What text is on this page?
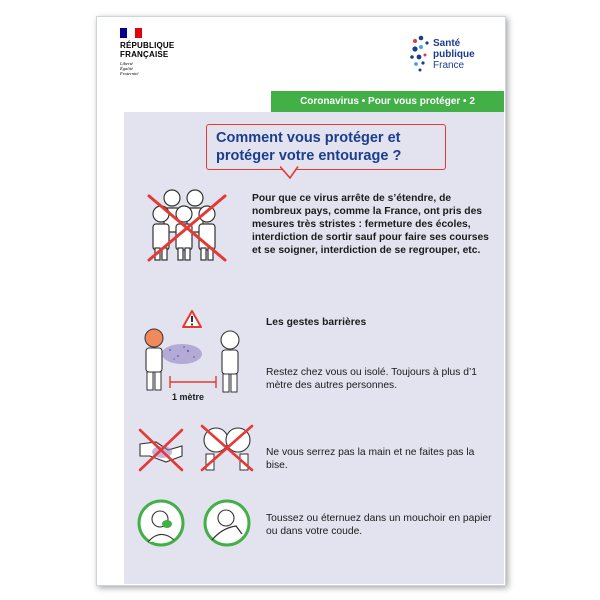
RÉPUBLIQUE
FRANÇAISE
Liberté
Égalité
Fraternité
Santé
publique
France
Coronavirus • Pour vous protéger • 2
Comment vous protéger et protéger votre entourage ?
Pour que ce virus arrête de s’étendre, de nombreux pays, comme la France, ont pris des mesures très stristes : fermeture des écoles, interdiction de sortir sauf pour faire ses courses et se soigner, interdiction de se regrouper, etc.
1 mètre
Les gestes barrières
Restez chez vous ou isolé. Toujours à plus d’1 mètre des autres personnes.
Ne vous serrez pas la main et ne faites pas la bise.
Toussez ou éternuez dans un mouchoir en papier ou dans votre coude.
